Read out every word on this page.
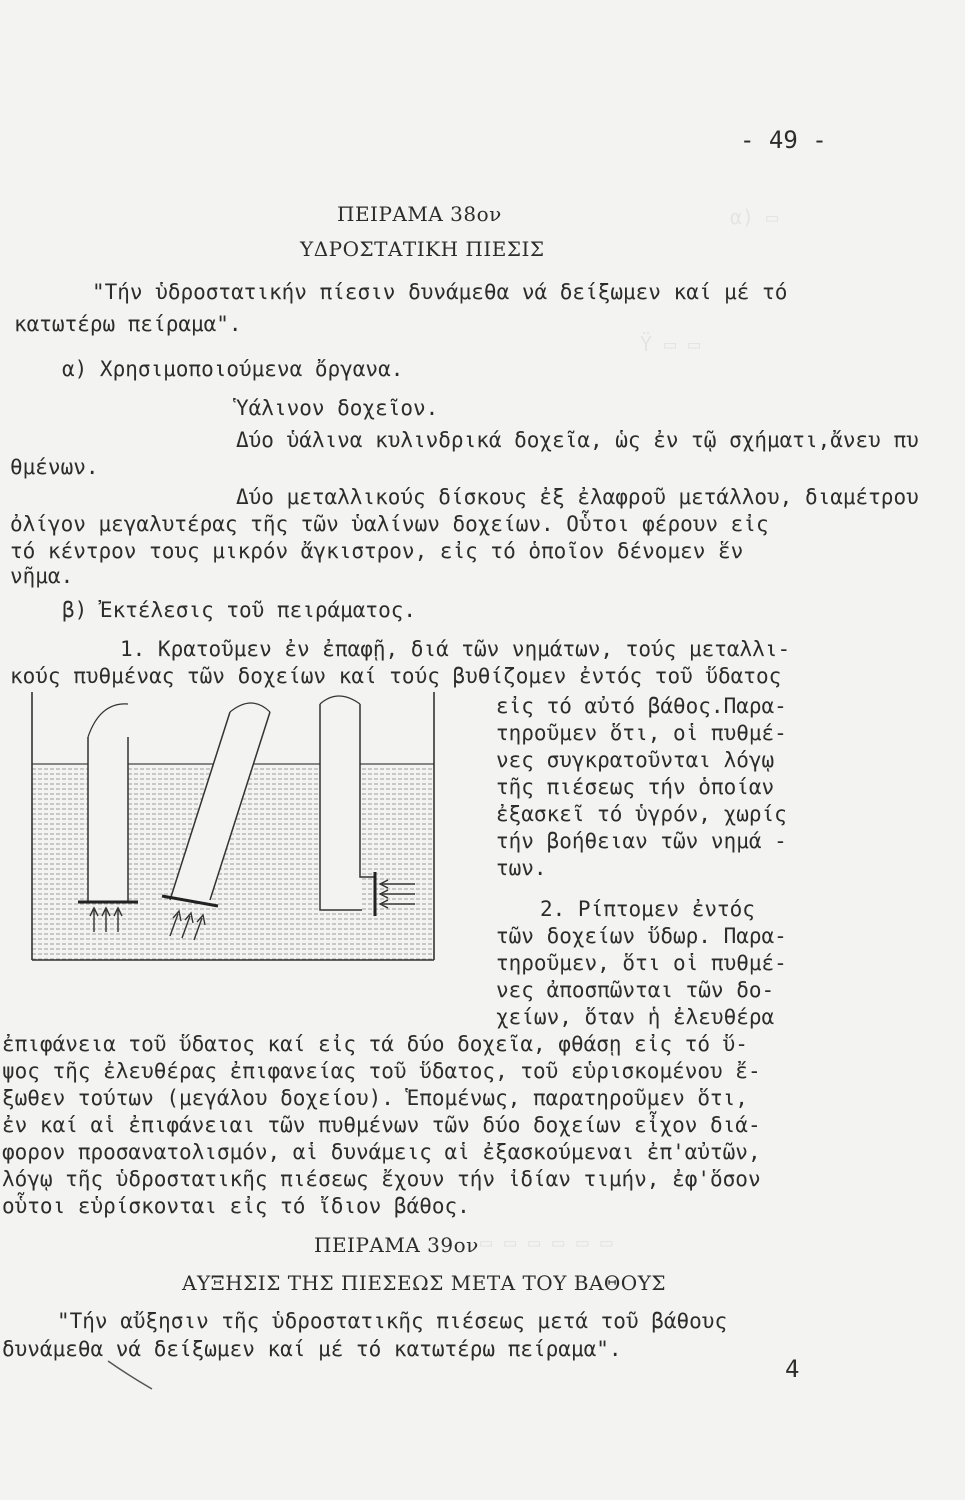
α) ▭
Ϋ ▭ ▭
▭ ▭ ▭ ▭ ▭ ▭
- 49 -
ΠΕΙΡΑΜΑ 38ον
ΥΔΡΟΣΤΑΤΙΚΗ ΠΙΕΣΙΣ
"Τήν ὑδροστατικήν πίεσιν δυνάμεθα νά δείξωμεν καί μέ τό
κατωτέρω πείραμα".
α) Χρησιμοποιούμενα ὄργανα.
Ὑάλινον δοχεῖον.
Δύο ὑάλινα κυλινδρικά δοχεῖα, ὡς ἐν τῷ σχήματι,ἄνευ πυ
θμένων.
Δύο μεταλλικούς δίσκους ἐξ ἐλαφροῦ μετάλλου, διαμέτρου
ὀλίγον μεγαλυτέρας τῆς τῶν ὑαλίνων δοχείων. Οὗτοι φέρουν εἰς
τό κέντρον τους μικρόν ἄγκιστρον, εἰς τό ὁποῖον δένομεν ἕν
νῆμα.
β) Ἐκτέλεσις τοῦ πειράματος.
1. Κρατοῦμεν ἐν ἐπαφῇ, διά τῶν νημάτων, τούς μεταλλι-
κούς πυθμένας τῶν δοχείων καί τούς βυθίζομεν ἐντός τοῦ ὕδατος
εἰς τό αὐτό βάθος.Παρα-
τηροῦμεν ὅτι, οἱ πυθμέ-
νες συγκρατοῦνται λόγῳ
τῆς πιέσεως τήν ὁποίαν
ἐξασκεῖ τό ὑγρόν, χωρίς
τήν βοήθειαν τῶν νημά -
των.
2. Ρίπτομεν ἐντός
τῶν δοχείων ὕδωρ. Παρα-
τηροῦμεν, ὅτι οἱ πυθμέ-
νες ἀποσπῶνται τῶν δο-
χείων, ὅταν ἡ ἐλευθέρα
ἐπιφάνεια τοῦ ὕδατος καί εἰς τά δύο δοχεῖα, φθάσῃ εἰς τό ὕ-
ψος τῆς ἐλευθέρας ἐπιφανείας τοῦ ὕδατος, τοῦ εὑρισκομένου ἔ-
ξωθεν τούτων (μεγάλου δοχείου). Ἑπομένως, παρατηροῦμεν ὅτι,
ἐν καί αἱ ἐπιφάνειαι τῶν πυθμένων τῶν δύο δοχείων εἶχον διά-
φορον προσανατολισμόν, αἱ δυνάμεις αἱ ἐξασκούμεναι ἐπ'αὐτῶν,
λόγῳ τῆς ὑδροστατικῆς πιέσεως ἔχουν τήν ἰδίαν τιμήν, ἐφ'ὅσον
οὗτοι εὑρίσκονται εἰς τό ἴδιον βάθος.
ΠΕΙΡΑΜΑ 39ον
ΑΥΞΗΣΙΣ ΤΗΣ ΠΙΕΣΕΩΣ ΜΕΤΑ ΤΟΥ ΒΑΘΟΥΣ
"Τήν αὔξησιν τῆς ὑδροστατικῆς πιέσεως μετά τοῦ βάθους
δυνάμεθα νά δείξωμεν καί μέ τό κατωτέρω πείραμα".
4
